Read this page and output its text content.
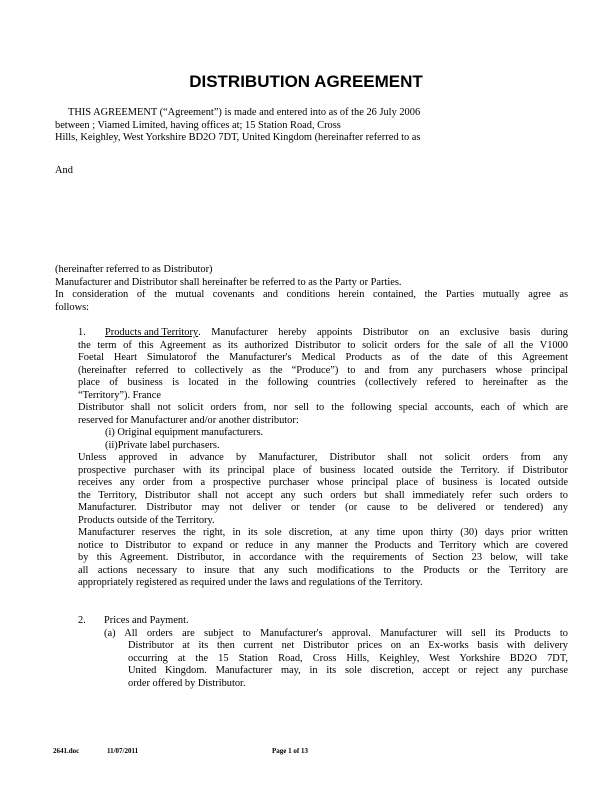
DISTRIBUTION AGREEMENT
1. Products and Territory . Manufacturer hereby appoints Distributor on an exclusive basis during
2. Prices and Payment.
2641.doc	11/07/2011	Page 1 of 13
THIS AGREEMENT (“Agreement”) is made and entered into as of the 26 July 2006
between ; Viamed Limited, having offices at; 15 Station Road, Cross
Hills, Keighley, West Yorkshire BD2O 7DT, United Kingdom (hereinafter referred to as
And
(hereinafter referred to as Distributor)
Manufacturer and Distributor shall hereinafter be referred to as the Party or Parties.
In consideration of the mutual covenants and conditions herein contained, the Parties mutually agree as
follows:
the term of this Agreement as its authorized Distributor to solicit orders for the sale of all the V1000
Foetal Heart Simulatorof the Manufacturer's Medical Products as of the date of this Agreement
(hereinafter referred to collectively as the “Produce”) to and from any purchasers whose principal
place of business is located in the following countries (collectively refered to hereinafter as the
“Territory”). France
Distributor shall not solicit orders from, nor sell to the following special accounts, each of which are
reserved for Manufacturer and/or another distributor:
(i) Original equipment manufacturers.
(ii)Private label purchasers.
Unless approved in advance by Manufacturer, Distributor shall not solicit orders from any
prospective purchaser with its principal place of business located outside the Territory. if Distributor
receives any order from a prospective purchaser whose principal place of business is located outside
the Territory, Distributor shall not accept any such orders but shall immediately refer such orders to
Manufacturer. Distributor may not deliver or tender (or cause to be delivered or tendered) any
Products outside of the Territory.
Manufacturer reserves the right, in its sole discretion, at any time upon thirty (30) days prior written
notice to Distributor to expand or reduce in any manner the Products and Territory which are covered
by this Agreement. Distributor, in accordance with the requirements of Section 23 below, will take
all actions necessary to insure that any such modifications to the Products or the Territory are
appropriately registered as required under the laws and regulations of the Territory.
(a) All orders are subject to Manufacturer's approval. Manufacturer will sell its Products to
Distributor at its then current net Distributor prices on an Ex-works basis with delivery
occurring at the 15 Station Road, Cross Hills, Keighley, West Yorkshire BD2O 7DT,
United Kingdom. Manufacturer may, in its sole discretion, accept or reject any purchase
order offered by Distributor.
